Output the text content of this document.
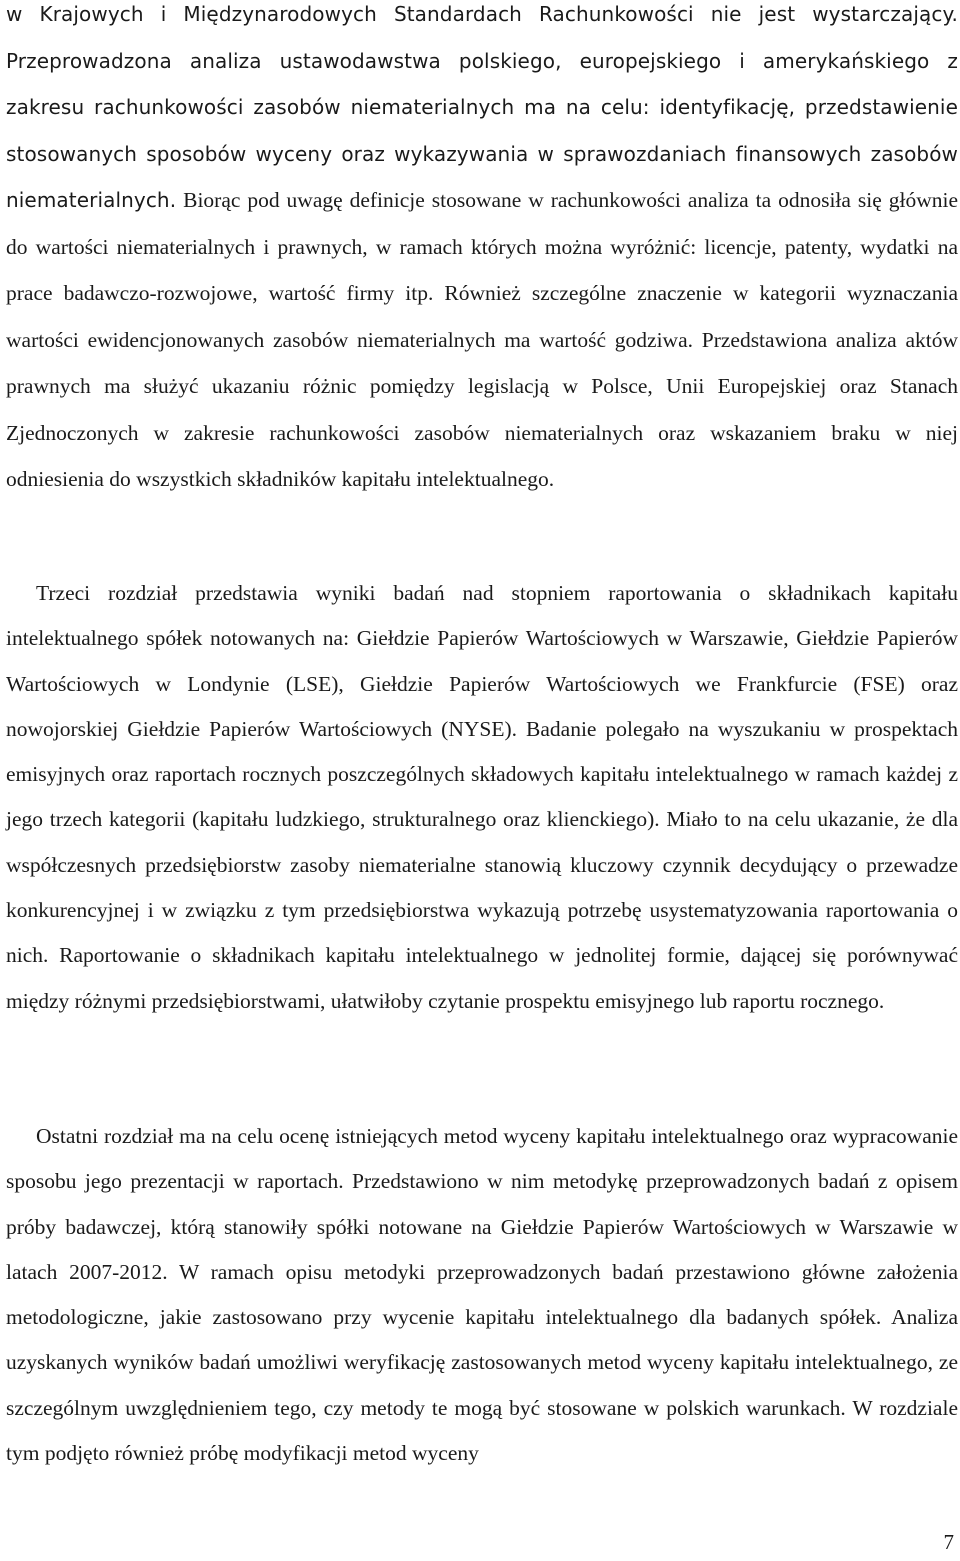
w Krajowych i Międzynarodowych Standardach Rachunkowości nie jest wystarczający. Przeprowadzona analiza ustawodawstwa polskiego, europejskiego i amerykańskiego z zakresu rachunkowości zasobów niematerialnych ma na celu: identyfikację, przedstawienie stosowanych sposobów wyceny oraz wykazywania w sprawozdaniach finansowych zasobów niematerialnych. Biorąc pod uwagę definicje stosowane w rachunkowości analiza ta odnosiła się głównie do wartości niematerialnych i prawnych, w ramach których można wyróżnić: licencje, patenty, wydatki na prace badawczo-rozwojowe, wartość firmy itp. Również szczególne znaczenie w kategorii wyznaczania wartości ewidencjonowanych zasobów niematerialnych ma wartość godziwa. Przedstawiona analiza aktów prawnych ma służyć ukazaniu różnic pomiędzy legislacją w Polsce, Unii Europejskiej oraz Stanach Zjednoczonych w zakresie rachunkowości zasobów niematerialnych oraz wskazaniem braku w niej odniesienia do wszystkich składników kapitału intelektualnego.

Trzeci rozdział przedstawia wyniki badań nad stopniem raportowania o składnikach kapitału intelektualnego spółek notowanych na: Giełdzie Papierów Wartościowych w Warszawie, Giełdzie Papierów Wartościowych w Londynie (LSE), Giełdzie Papierów Wartościowych we Frankfurcie (FSE) oraz nowojorskiej Giełdzie Papierów Wartościowych (NYSE). Badanie polegało na wyszukaniu w prospektach emisyjnych oraz raportach rocznych poszczególnych składowych kapitału intelektualnego w ramach każdej z jego trzech kategorii (kapitału ludzkiego, strukturalnego oraz klienckiego). Miało to na celu ukazanie, że dla współczesnych przedsiębiorstw zasoby niematerialne stanowią kluczowy czynnik decydujący o przewadze konkurencyjnej i w związku z tym przedsiębiorstwa wykazują potrzebę usystematyzowania raportowania o nich. Raportowanie o składnikach kapitału intelektualnego w jednolitej formie, dającej się porównywać między różnymi przedsiębiorstwami, ułatwiłoby czytanie prospektu emisyjnego lub raportu rocznego.

Ostatni rozdział ma na celu ocenę istniejących metod wyceny kapitału intelektualnego oraz wypracowanie sposobu jego prezentacji w raportach. Przedstawiono w nim metodykę przeprowadzonych badań z opisem próby badawczej, którą stanowiły spółki notowane na Giełdzie Papierów Wartościowych w Warszawie w latach 2007-2012. W ramach opisu metodyki przeprowadzonych badań przestawiono główne założenia metodologiczne, jakie zastosowano przy wycenie kapitału intelektualnego dla badanych spółek. Analiza uzyskanych wyników badań umożliwi weryfikację zastosowanych metod wyceny kapitału intelektualnego, ze szczególnym uwzględnieniem tego, czy metody te mogą być stosowane w polskich warunkach. W rozdziale tym podjęto również próbę modyfikacji metod wyceny

7
